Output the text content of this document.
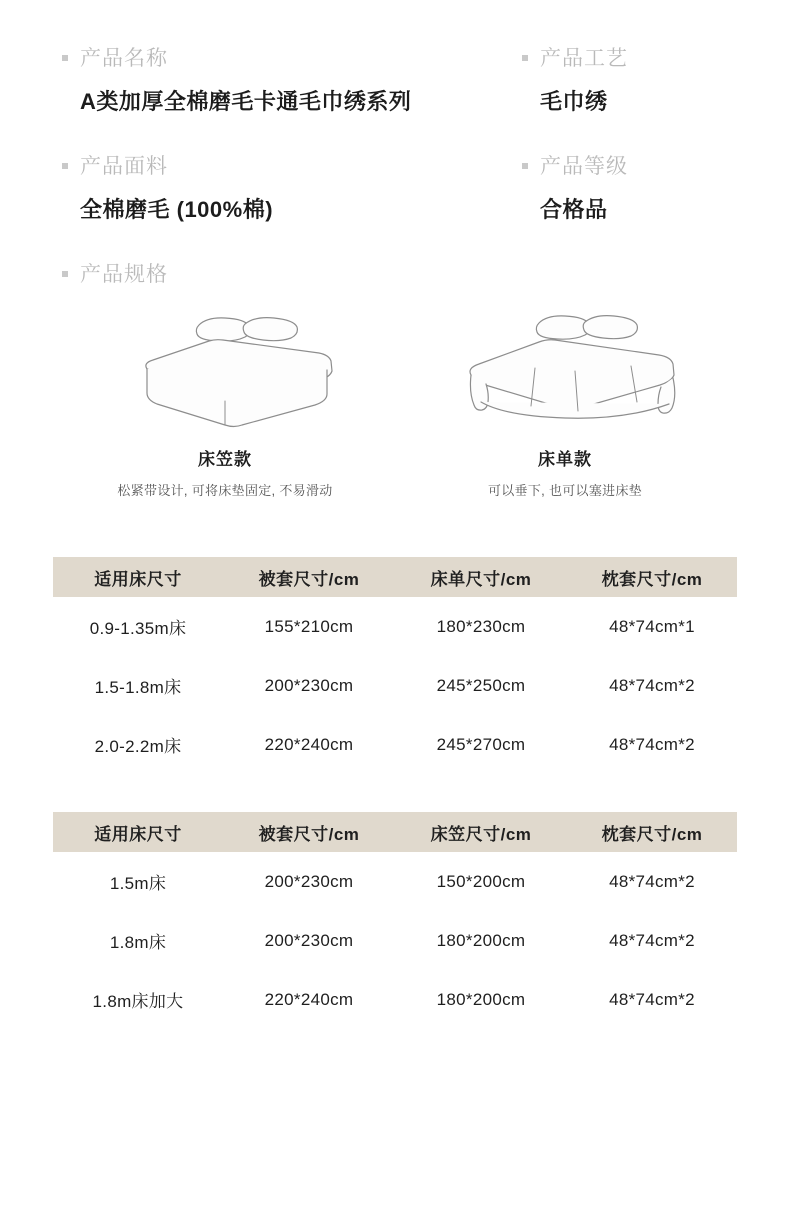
产品名称
A类加厚全棉磨毛卡通毛巾绣系列
产品工艺
毛巾绣
产品面料
全棉磨毛 (100%棉)
产品等级
合格品
产品规格
床笠款
松紧带设计, 可将床垫固定, 不易滑动
床单款
可以垂下, 也可以塞进床垫
适用床尺寸	被套尺寸/cm	床单尺寸/cm	枕套尺寸/cm
0.9-1.35m床	155*210cm	180*230cm	48*74cm*1
1.5-1.8m床	200*230cm	245*250cm	48*74cm*2
2.0-2.2m床	220*240cm	245*270cm	48*74cm*2
适用床尺寸	被套尺寸/cm	床笠尺寸/cm	枕套尺寸/cm
1.5m床	200*230cm	150*200cm	48*74cm*2
1.8m床	200*230cm	180*200cm	48*74cm*2
1.8m床加大	220*240cm	180*200cm	48*74cm*2
